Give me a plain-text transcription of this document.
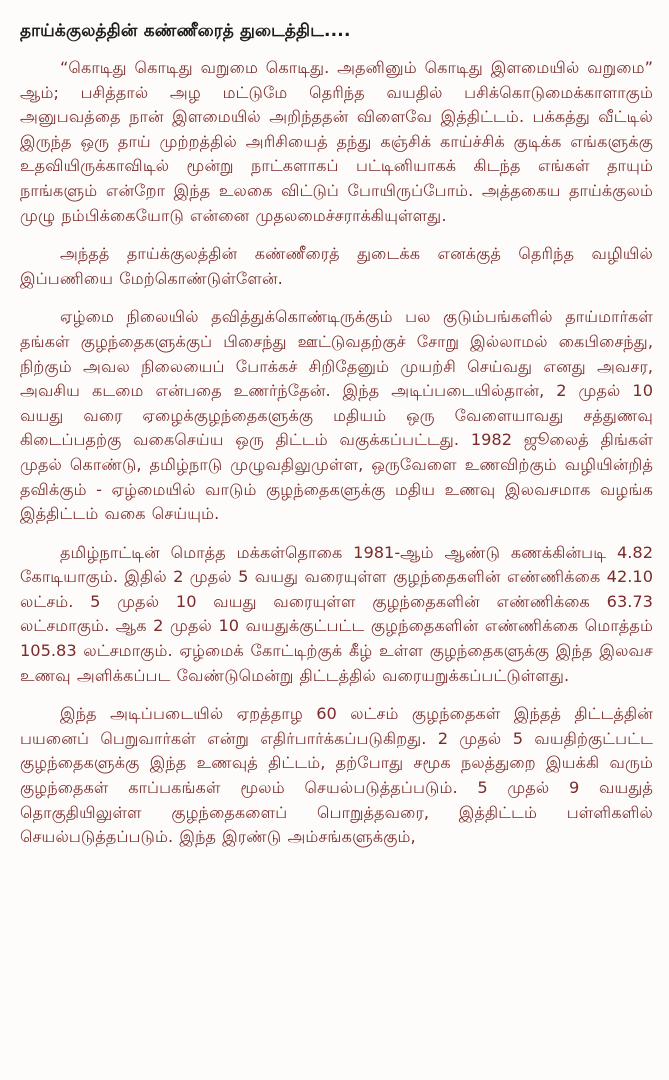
தாய்க்குலத்தின் கண்ணீரைத் துடைத்திட....

“கொடிது கொடிது வறுமை கொடிது. அதனினும் கொடிது இளமையில் வறுமை” ஆம்; பசித்தால் அழ மட்டுமே தெரிந்த வயதில் பசிக்கொடுமைக்காளாகும் அனுபவத்தை நான் இளமையில் அறிந்ததன் விளைவே இத்திட்டம். பக்கத்து வீட்டில் இருந்த ஒரு தாய் முற்றத்தில் அரிசியைத் தந்து கஞ்சிக் காய்ச்சிக் குடிக்க எங்களுக்கு உதவியிருக்காவிடில் மூன்று நாட்களாகப் பட்டினியாகக் கிடந்த எங்கள் தாயும் நாங்களும் என்றோ இந்த உலகை விட்டுப் போயிருப்போம். அத்தகைய தாய்க்குலம் முழு நம்பிக்கையோடு என்னை முதலமைச்சராக்கியுள்ளது.

அந்தத் தாய்க்குலத்தின் கண்ணீரைத் துடைக்க எனக்குத் தெரிந்த வழியில் இப்பணியை மேற்கொண்டுள்ளேன்.

ஏழ்மை நிலையில் தவித்துக்கொண்டிருக்கும் பல குடும்பங்களில் தாய்மார்கள் தங்கள் குழந்தைகளுக்குப் பிசைந்து ஊட்டுவதற்குச் சோறு இல்லாமல் கைபிசைந்து, நிற்கும் அவல நிலையைப் போக்கச் சிறிதேனும் முயற்சி செய்வது எனது அவசர, அவசிய கடமை என்பதை உணர்ந்தேன். இந்த அடிப்படையில்தான், 2 முதல் 10 வயது வரை ஏழைக்குழந்தைகளுக்கு மதியம் ஒரு வேளையாவது சத்துணவு கிடைப்பதற்கு வகைசெய்ய ஒரு திட்டம் வகுக்கப்பட்டது. 1982 ஜூலைத் திங்கள் முதல் கொண்டு, தமிழ்நாடு முழுவதிலுமுள்ள, ஒருவேளை உணவிற்கும் வழியின்றித் தவிக்கும் - ஏழ்மையில் வாடும் குழந்தைகளுக்கு மதிய உணவு இலவசமாக வழங்க இத்திட்டம் வகை செய்யும்.

தமிழ்நாட்டின் மொத்த மக்கள்தொகை 1981-ஆம் ஆண்டு கணக்கின்படி 4.82 கோடியாகும். இதில் 2 முதல் 5 வயது வரையுள்ள குழந்தைகளின் எண்ணிக்கை 42.10 லட்சம். 5 முதல் 10 வயது வரையுள்ள குழந்தைகளின் எண்ணிக்கை 63.73 லட்சமாகும். ஆக 2 முதல் 10 வயதுக்குட்பட்ட குழந்தைகளின் எண்ணிக்கை மொத்தம் 105.83 லட்சமாகும். ஏழ்மைக் கோட்டிற்குக் கீழ் உள்ள குழந்தைகளுக்கு இந்த இலவச உணவு அளிக்கப்பட வேண்டுமென்று திட்டத்தில் வரையறுக்கப்பட்டுள்ளது.

இந்த அடிப்படையில் ஏறத்தாழ 60 லட்சம் குழந்தைகள் இந்தத் திட்டத்தின் பயனைப் பெறுவார்கள் என்று எதிர்பார்க்கப்படுகிறது. 2 முதல் 5 வயதிற்குட்பட்ட குழந்தைகளுக்கு இந்த உணவுத் திட்டம், தற்போது சமூக நலத்துறை இயக்கி வரும் குழந்தைகள் காப்பகங்கள் மூலம் செயல்படுத்தப்படும். 5 முதல் 9 வயதுத் தொகுதியிலுள்ள குழந்தைகளைப் பொறுத்தவரை, இத்திட்டம் பள்ளிகளில் செயல்படுத்தப்படும். இந்த இரண்டு அம்சங்களுக்கும்,
